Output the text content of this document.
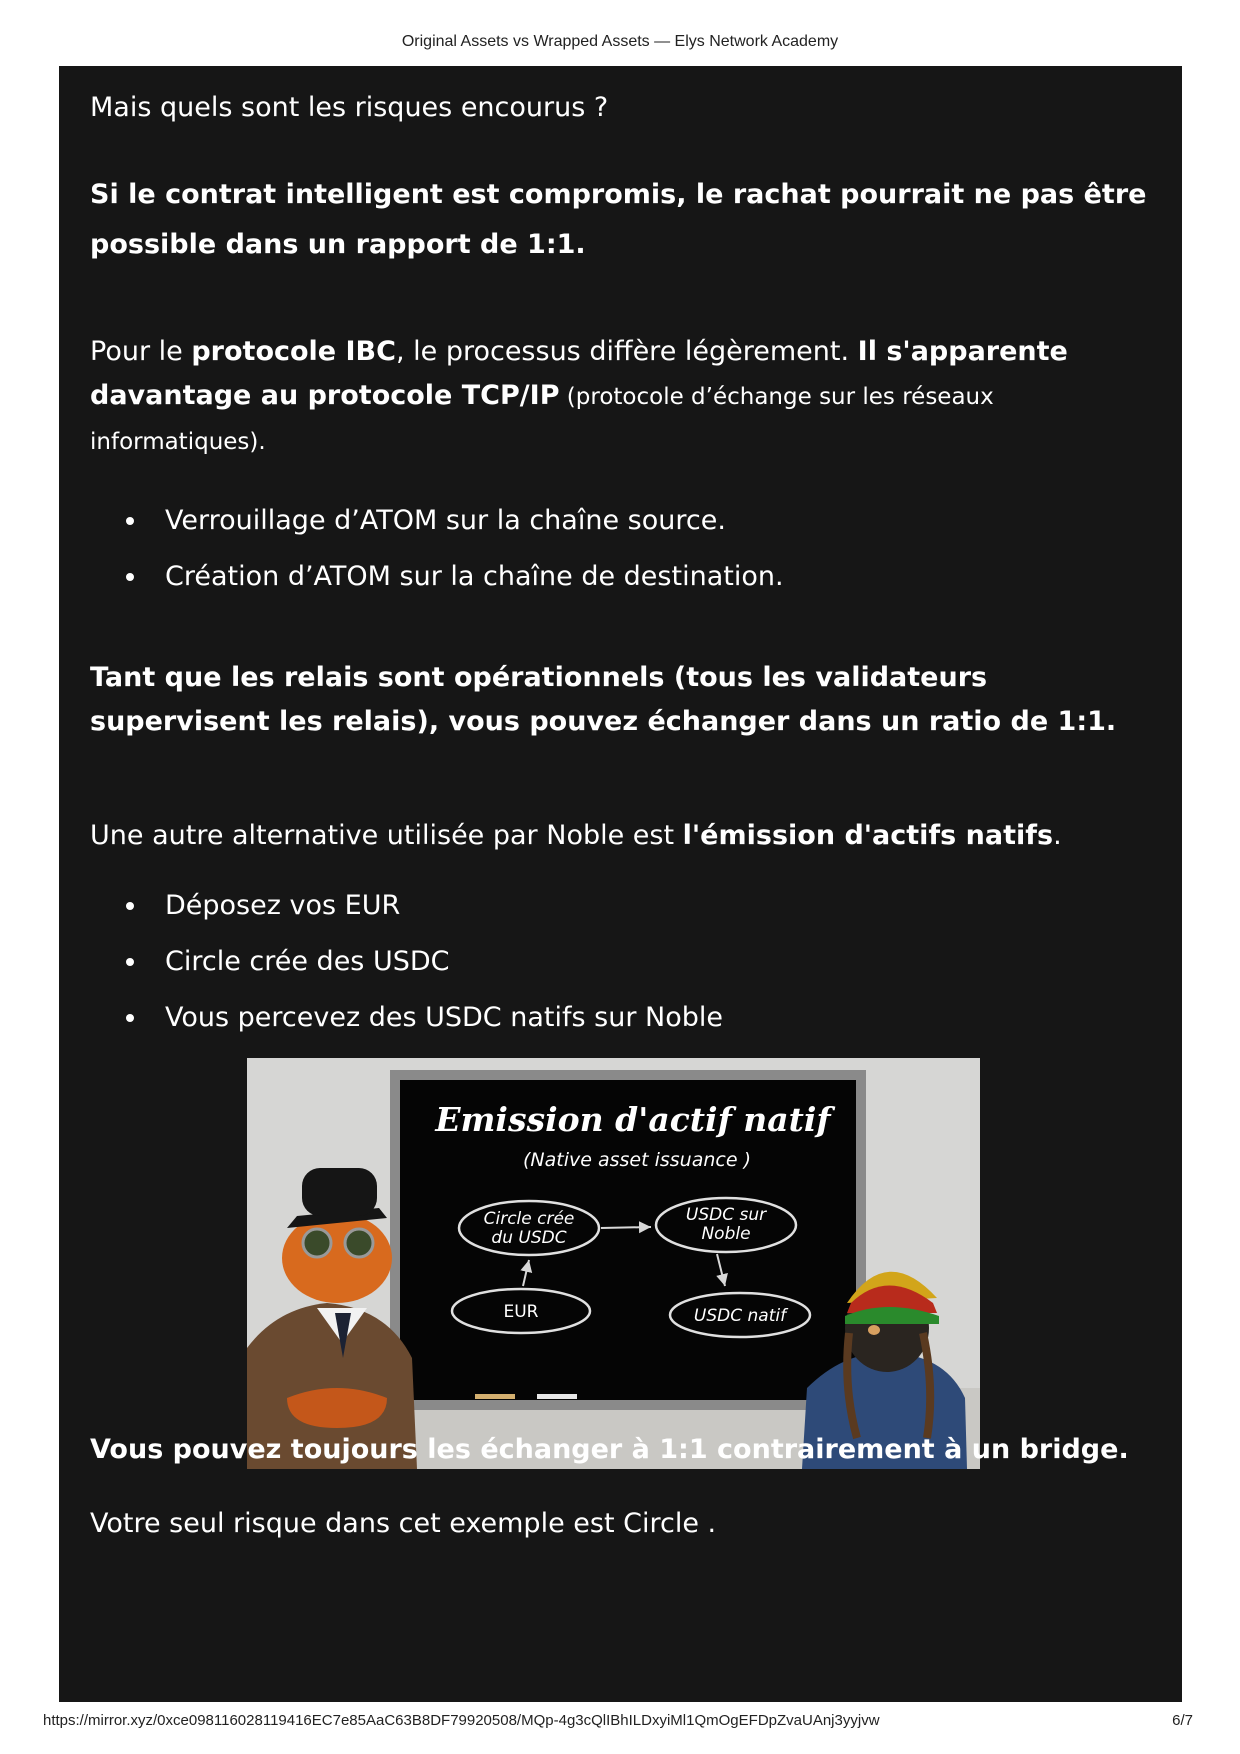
Original Assets vs Wrapped Assets — Elys Network Academy
Mais quels sont les risques encourus ?
Si le contrat intelligent est compromis, le rachat pourrait ne pas être possible dans un rapport de 1:1.
Pour le protocole IBC, le processus diffère légèrement. Il s'apparente davantage au protocole TCP/IP (protocole d’échange sur les réseaux informatiques).
Verrouillage d’ATOM sur la chaîne source.
Création d’ATOM sur la chaîne de destination.
Tant que les relais sont opérationnels (tous les validateurs supervisent les relais), vous pouvez échanger dans un ratio de 1:1.
Une autre alternative utilisée par Noble est l'émission d'actifs natifs.
Déposez vos EUR
Circle crée des USDC
Vous percevez des USDC natifs sur Noble
Emission d'actif natif
(Native asset issuance )
Circle crée
du USDC
USDC sur
Noble
EUR	USDC natif
Vous pouvez toujours les échanger à 1:1 contrairement à un bridge.
Votre seul risque dans cet exemple est Circle .
https://mirror.xyz/0xce098116028119416EC7e85AaC63B8DF79920508/MQp-4g3cQlIBhILDxyiMl1QmOgEFDpZvaUAnj3yyjvw	6/7
